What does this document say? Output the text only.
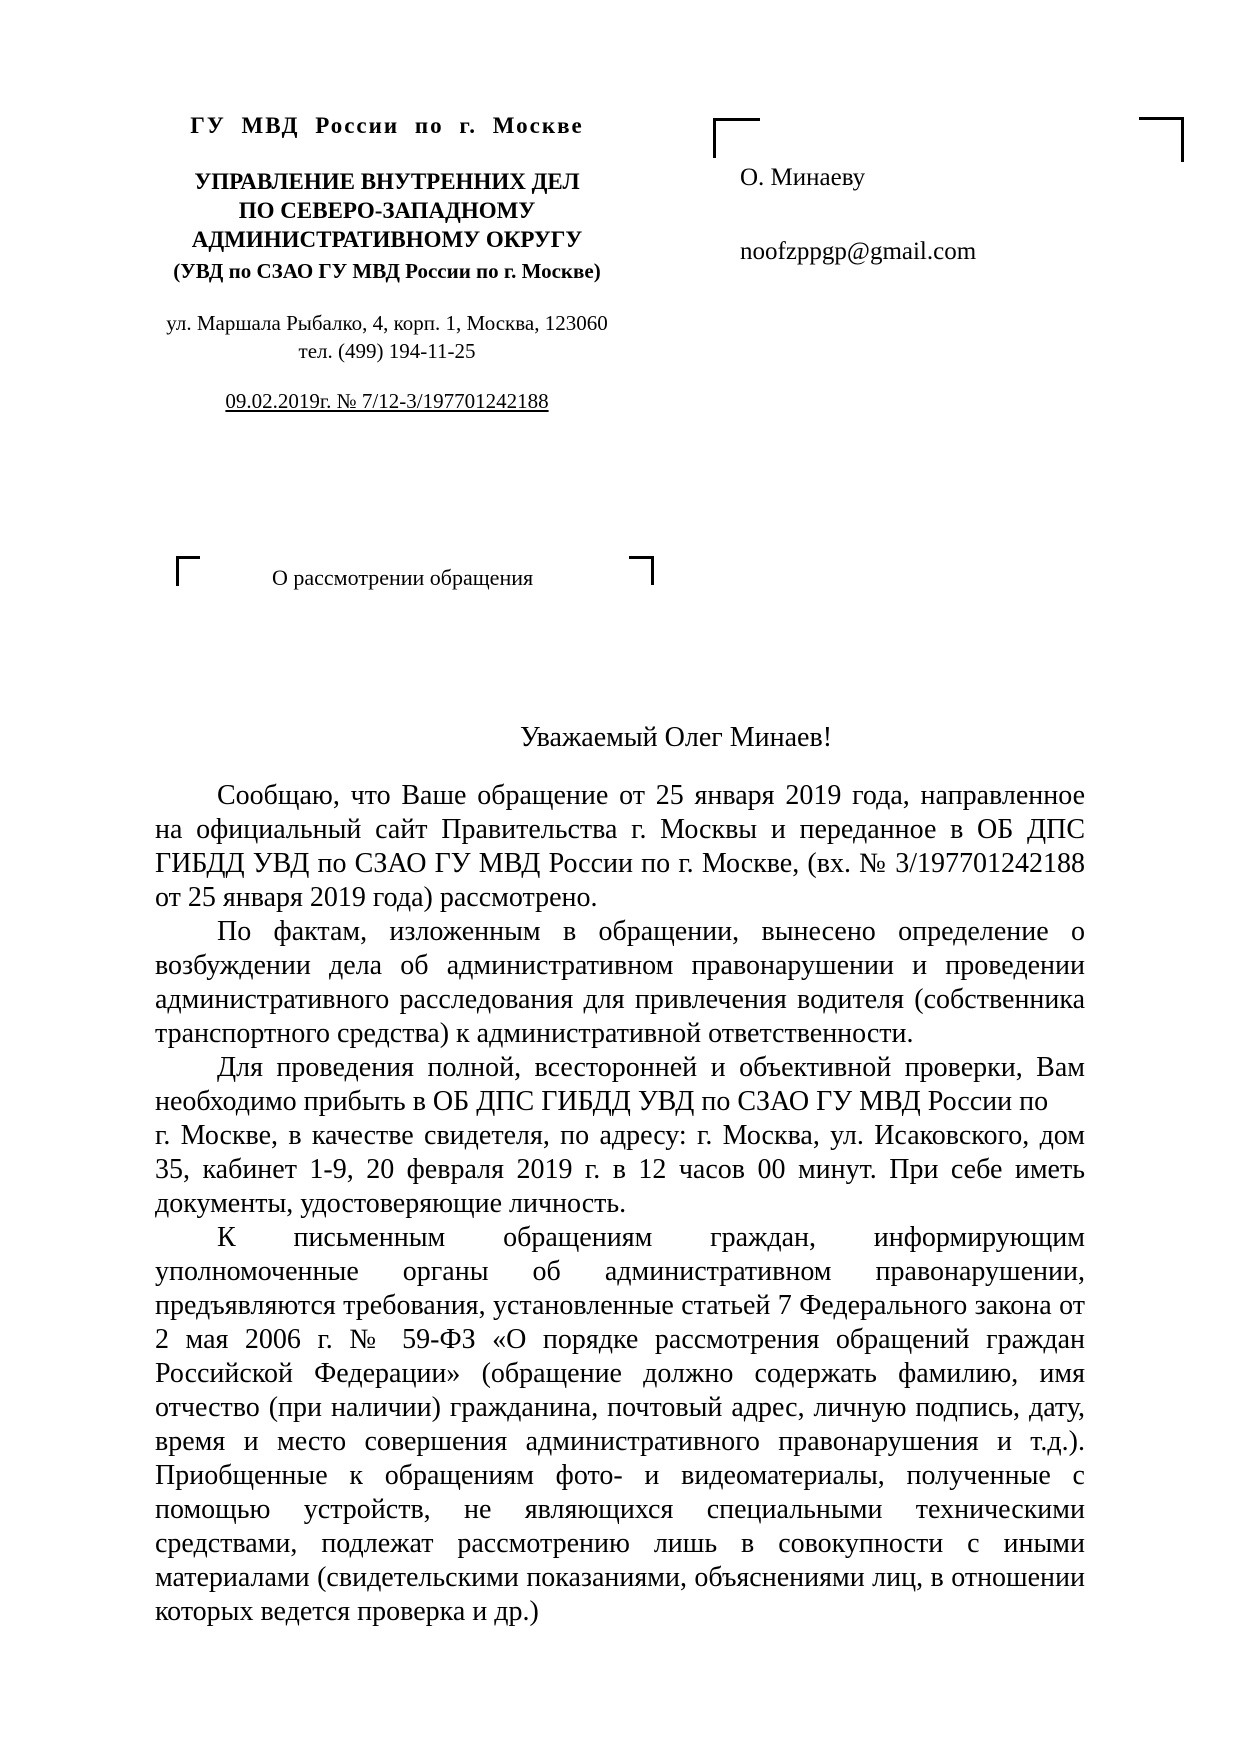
ГУ МВД России по г. Москве
УПРАВЛЕНИЕ ВНУТРЕННИХ ДЕЛ
ПО СЕВЕРО-ЗАПАДНОМУ
АДМИНИСТРАТИВНОМУ ОКРУГУ
(УВД по СЗАО ГУ МВД России по г. Москве)
ул. Маршала Рыбалко, 4, корп. 1, Москва, 123060
тел. (499) 194-11-25
09.02.2019г. № 7/12-3/197701242188
О. Минаеву
noofzppgp@gmail.com
О рассмотрении обращения
Уважаемый Олег Минаев!

Сообщаю, что Ваше обращение от 25 января 2019 года, направленное на официальный сайт Правительства г. Москвы и переданное в ОБ ДПС ГИБДД УВД по СЗАО ГУ МВД России по г. Москве, (вх. № 3/197701242188 от 25 января 2019 года) рассмотрено.

По фактам, изложенным в обращении, вынесено определение о возбуждении дела об административном правонарушении и проведении административного расследования для привлечения водителя (собственника транспортного средства) к административной ответственности.

Для проведения полной, всесторонней и объективной проверки, Вам необходимо прибыть в ОБ ДПС ГИБДД УВД по СЗАО ГУ МВД России по
г. Москве, в качестве свидетеля, по адресу: г. Москва, ул. Исаковского, дом 35, кабинет 1-9, 20 февраля 2019 г. в 12 часов 00 минут. При себе иметь документы, удостоверяющие личность.

К письменным обращениям граждан, информирующим уполномоченные органы об административном правонарушении, предъявляются требования, установленные статьей 7 Федерального закона от 2 мая 2006 г. № 59-ФЗ «О порядке рассмотрения обращений граждан Российской Федерации» (обращение должно содержать фамилию, имя отчество (при наличии) гражданина, почтовый адрес, личную подпись, дату, время и место совершения административного правонарушения и т.д.). Приобщенные к обращениям фото- и видеоматериалы, полученные с помощью устройств, не являющихся специальными техническими средствами, подлежат рассмотрению лишь в совокупности с иными материалами (свидетельскими показаниями, объяснениями лиц, в отношении которых ведется проверка и др.)
